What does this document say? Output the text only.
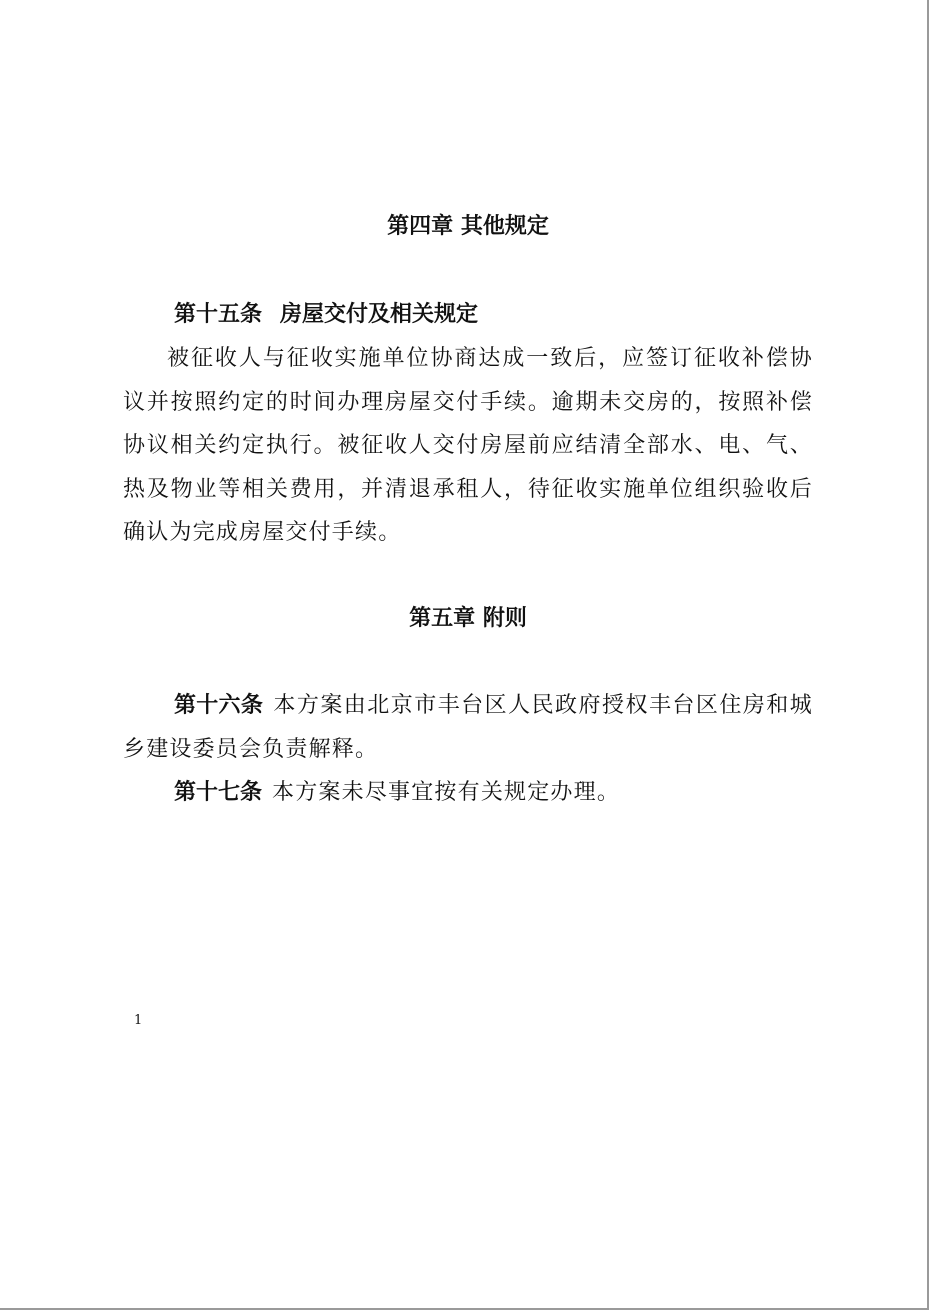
第四章 其他规定
第十五条 房屋交付及相关规定
被征收人与征收实施单位协商达成一致后，应签订征收补偿协议并按照约定的时间办理房屋交付手续。逾期未交房的，按照补偿协议相关约定执行。被征收人交付房屋前应结清全部水、电、气、热及物业等相关费用，并清退承租人，待征收实施单位组织验收后确认为完成房屋交付手续。
第五章 附则
第十六条 本方案由北京市丰台区人民政府授权丰台区住房和城乡建设委员会负责解释。
第十七条 本方案未尽事宜按有关规定办理。
1
